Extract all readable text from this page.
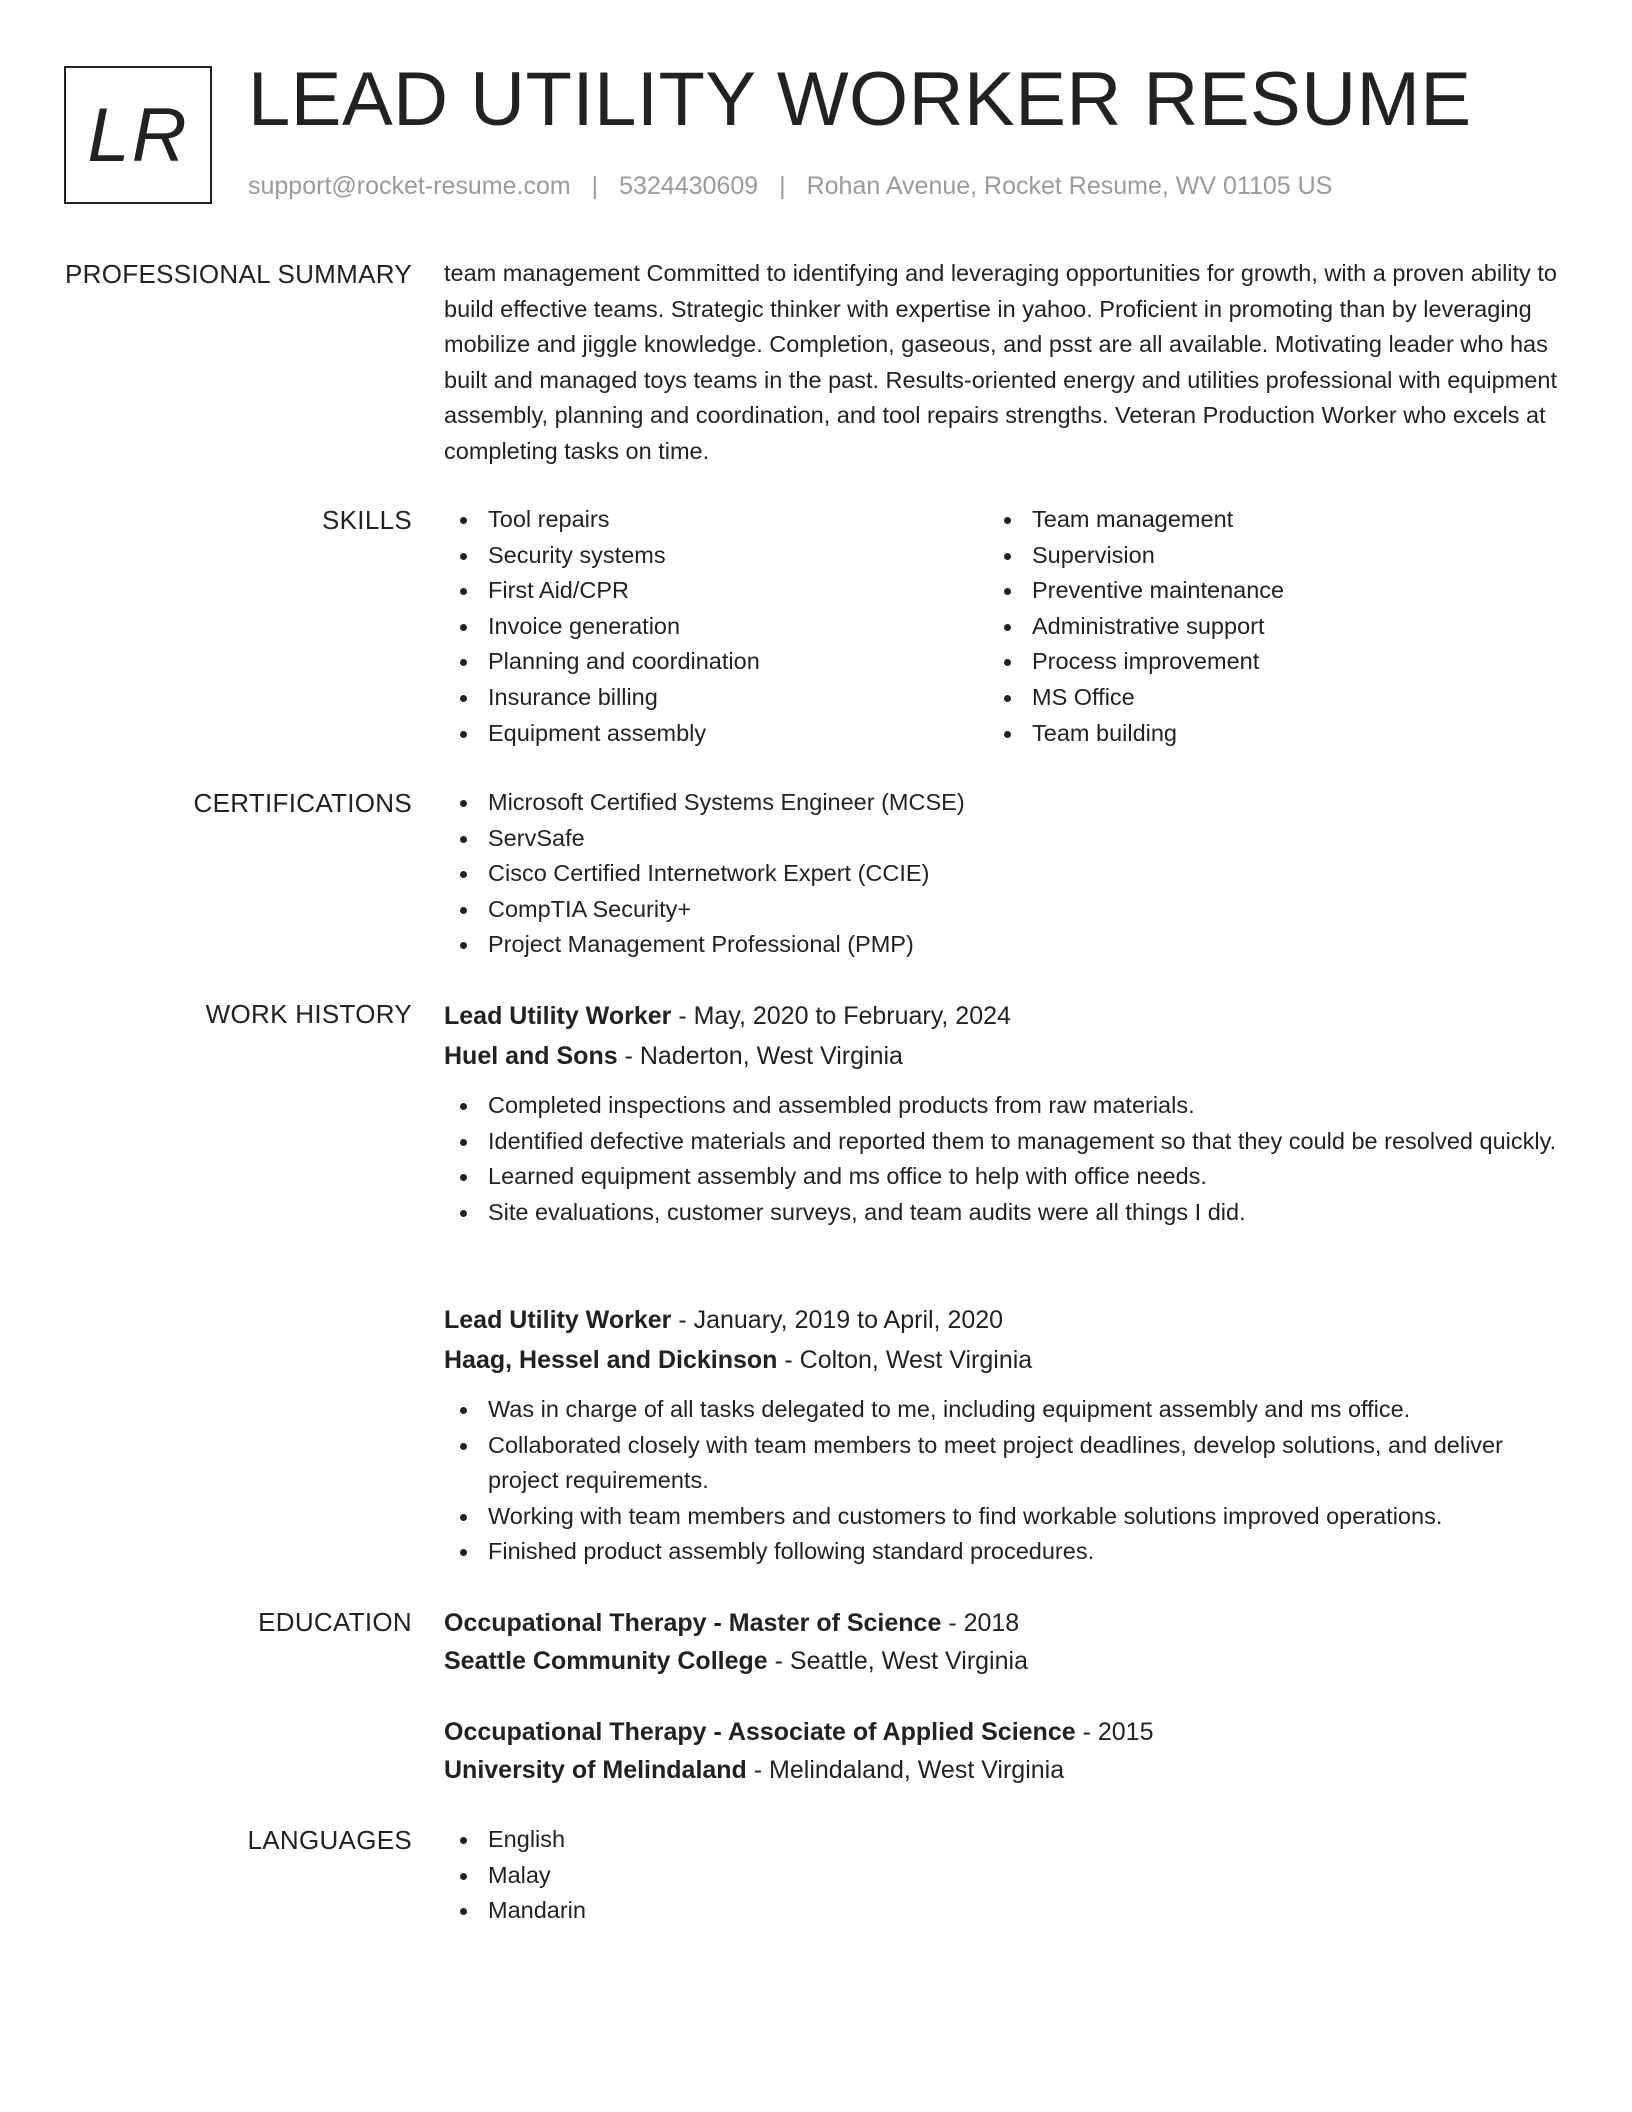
LR LEAD UTILITY WORKER RESUME
support@rocket-resume.com | 5324430609 | Rohan Avenue, Rocket Resume, WV 01105 US
PROFESSIONAL SUMMARY team management Committed to identifying and leveraging opportunities for growth, with a proven ability to build effective teams. Strategic thinker with expertise in yahoo. Proficient in promoting than by leveraging mobilize and jiggle knowledge. Completion, gaseous, and psst are all available. Motivating leader who has built and managed toys teams in the past. Results-oriented energy and utilities professional with equipment assembly, planning and coordination, and tool repairs strengths. Veteran Production Worker who excels at completing tasks on time.

SKILLS	Tool repairs
Security systems
First Aid/CPR
Invoice generation
Planning and coordination
Insurance billing
Equipment assembly
Team management
Supervision
Preventive maintenance
Administrative support
Process improvement
MS Office
Team building
CERTIFICATIONS	Microsoft Certified Systems Engineer (MCSE)
ServSafe
Cisco Certified Internetwork Expert (CCIE)
CompTIA Security+
Project Management Professional (PMP)
WORK HISTORY Lead Utility Worker - May, 2020 to February, 2024
Huel and Sons - Naderton, West Virginia
Completed inspections and assembled products from raw materials.
Identified defective materials and reported them to management so that they could be resolved quickly.
Learned equipment assembly and ms office to help with office needs.
Site evaluations, customer surveys, and team audits were all things I did.
Lead Utility Worker - January, 2019 to April, 2020
Haag, Hessel and Dickinson - Colton, West Virginia
Was in charge of all tasks delegated to me, including equipment assembly and ms office.
Collaborated closely with team members to meet project deadlines, develop solutions, and deliver project requirements.
Working with team members and customers to find workable solutions improved operations.
Finished product assembly following standard procedures.
EDUCATION Occupational Therapy - Master of Science - 2018
Seattle Community College - Seattle, West Virginia
Occupational Therapy - Associate of Applied Science - 2015
University of Melindaland - Melindaland, West Virginia
LANGUAGES	English
Malay
Mandarin
